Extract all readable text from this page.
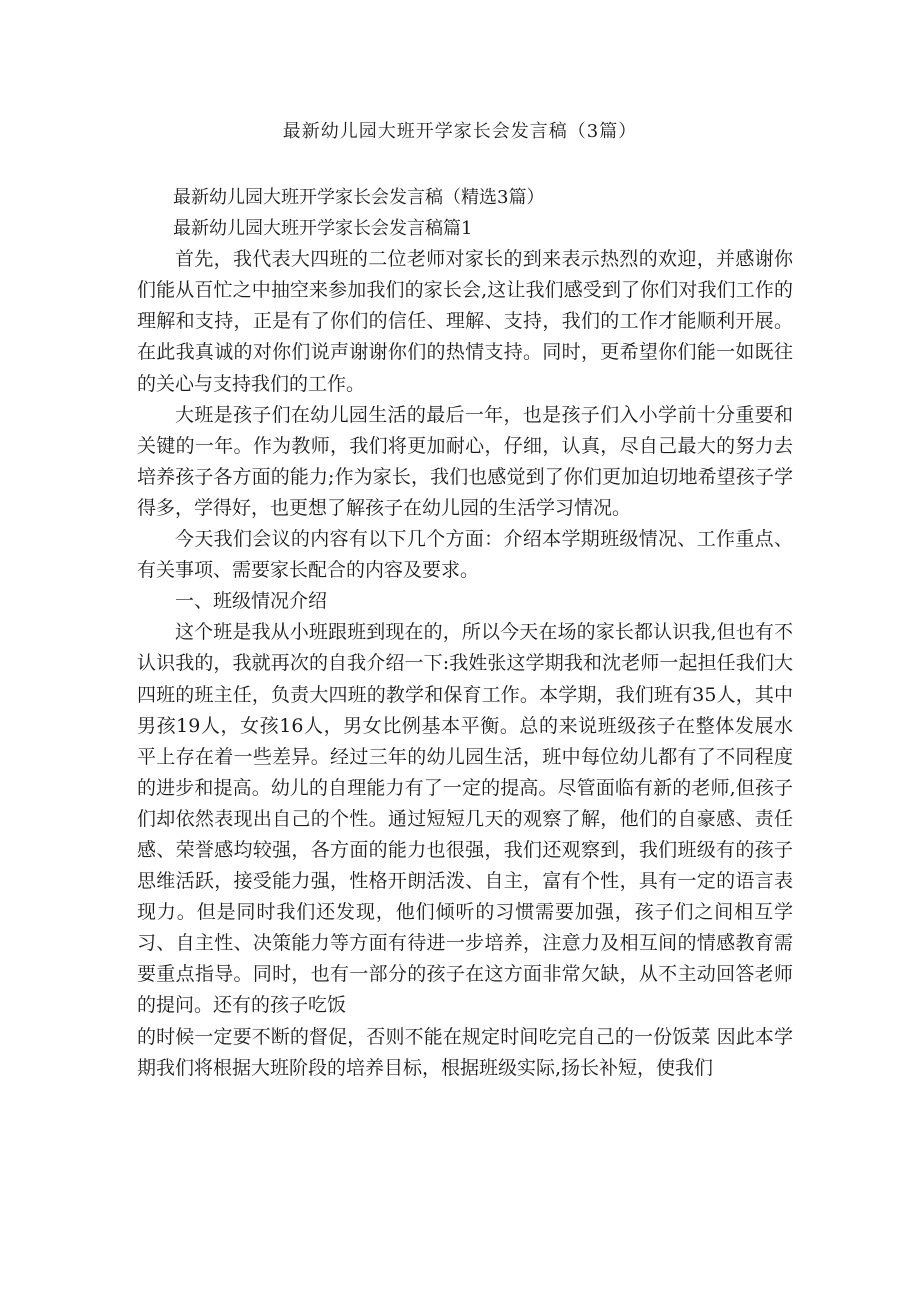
最新幼儿园大班开学家长会发言稿（3篇）

最新幼儿园大班开学家长会发言稿（精选3篇）

最新幼儿园大班开学家长会发言稿篇1

首先，我代表大四班的二位老师对家长的到来表示热烈的欢迎，并感谢你们能从百忙之中抽空来参加我们的家长会,这让我们感受到了你们对我们工作的理解和支持，正是有了你们的信任、理解、支持，我们的工作才能顺利开展。在此我真诚的对你们说声谢谢你们的热情支持。同时，更希望你们能一如既往的关心与支持我们的工作。

大班是孩子们在幼儿园生活的最后一年，也是孩子们入小学前十分重要和关键的一年。作为教师，我们将更加耐心，仔细，认真，尽自己最大的努力去培养孩子各方面的能力;作为家长，我们也感觉到了你们更加迫切地希望孩子学得多，学得好，也更想了解孩子在幼儿园的生活学习情况。

今天我们会议的内容有以下几个方面：介绍本学期班级情况、工作重点、有关事项、需要家长配合的内容及要求。

一、班级情况介绍

这个班是我从小班跟班到现在的，所以今天在场的家长都认识我,但也有不认识我的，我就再次的自我介绍一下:我姓张这学期我和沈老师一起担任我们大四班的班主任，负责大四班的教学和保育工作。本学期，我们班有35人，其中男孩19人，女孩16人，男女比例基本平衡。总的来说班级孩子在整体发展水平上存在着一些差异。经过三年的幼儿园生活，班中每位幼儿都有了不同程度的进步和提高。幼儿的自理能力有了一定的提高。尽管面临有新的老师,但孩子们却依然表现出自己的个性。通过短短几天的观察了解，他们的自豪感、责任感、荣誉感均较强，各方面的能力也很强，我们还观察到，我们班级有的孩子思维活跃，接受能力强，性格开朗活泼、自主，富有个性，具有一定的语言表现力。但是同时我们还发现，他们倾听的习惯需要加强，孩子们之间相互学习、自主性、决策能力等方面有待进一步培养，注意力及相互间的情感教育需要重点指导。同时，也有一部分的孩子在这方面非常欠缺，从不主动回答老师的提问。还有的孩子吃饭

的时候一定要不断的督促，否则不能在规定时间吃完自己的一份饭菜 因此本学期我们将根据大班阶段的培养目标，根据班级实际,扬长补短，使我们
